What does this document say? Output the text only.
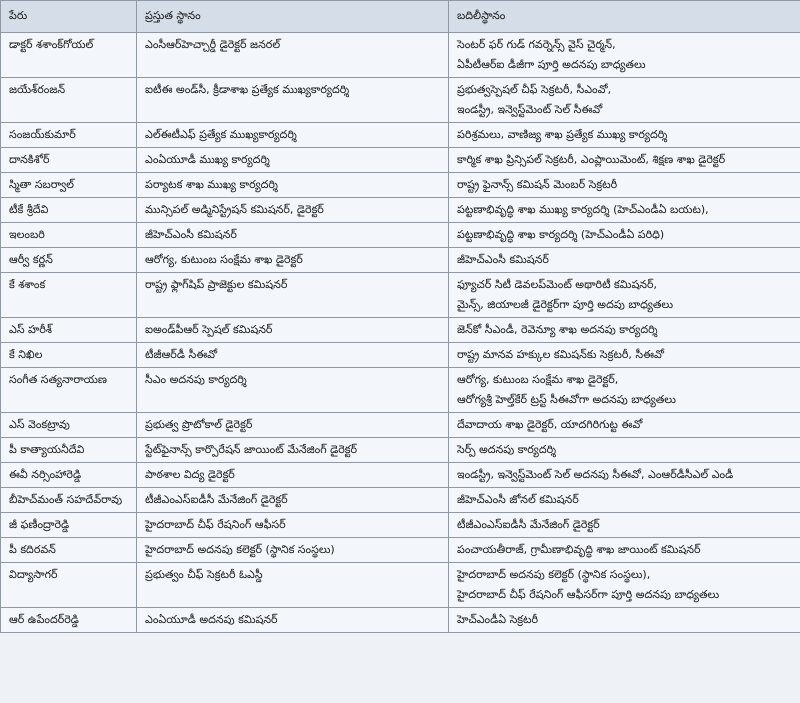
పేరు	ప్రస్తుత స్థానం	బదిలీస్థానం
డాక్టర్‌ శశాంక్‌గోయల్‌	ఎంసీఆర్‌హెచ్చార్డీ డైరెక్టర్‌ జనరల్‌	సెంటర్‌ ఫర్‌ గుడ్‌ గవర్నెన్స్‌ వైస్‌ చైర్మన్‌,
ఏపీటీఆర్‌ఐ డీజీగా పూర్తి అదనపు బాధ్యతలు

జయేశ్‌రంజన్‌	ఐటీఈ అండ్‌సీ, క్రీడాశాఖ ప్రత్యేక ముఖ్యకార్యదర్శి	ప్రభుత్వస్పెషల్‌ చీఫ్‌ సెక్రటరీ, సీఎంవో,
ఇండస్ట్రీ, ఇన్వెస్ట్‌మెంట్‌ సెల్‌ సీఈవో

సంజయ్‌కుమార్‌	ఎల్‌ఈటీఎఫ్‌ ప్రత్యేక ముఖ్యకార్యదర్శి	పరిశ్రమలు, వాణిజ్య శాఖ ప్రత్యేక ముఖ్య కార్యదర్శి

దానకిశోర్‌	ఎంఏయూడీ ముఖ్య కార్యదర్శి	కార్మిక శాఖ ప్రిన్సిపల్‌ సెక్రటరీ, ఎంప్లాయిమెంట్‌, శిక్షణ శాఖ డైరెక్టర్‌

స్మితా సబర్వాల్‌	పర్యాటక శాఖ ముఖ్య కార్యదర్శి	రాష్ట్ర ఫైనాన్స్‌ కమిషన్‌ మెంబర్‌ సెక్రటరీ

టీకే శ్రీదేవి	మున్సిపల్‌ అడ్మినిస్ట్రేషన్‌ కమిషనర్‌, డైరెక్టర్‌	పట్టణాభివృద్ధి శాఖ ముఖ్య కార్యదర్శి (హెచ్‌ఎండీఏ బయట),

ఇలంబరి	జీహెచ్‌ఎంసీ కమిషనర్‌	పట్టణాభివృద్ధి శాఖ కార్యదర్శి (హెచ్‌ఎండీఏ పరిధి)

ఆర్వీ కర్ణన్‌	ఆరోగ్య, కుటుంబ సంక్షేమ శాఖ డైరెక్టర్‌	జీహెచ్‌ఎంసీ కమిషనర్‌

కే శశాంక	రాష్ట్ర ఫ్లాగ్‌షిప్‌ ప్రాజెక్టుల కమిషనర్‌	ఫ్యూచర్‌ సిటీ డెవలప్‌మెంట్‌ అథారిటీ కమిషనర్‌,
మైన్స్‌, జియాలజీ డైరెక్టర్‌గా పూర్తి అదపు బాధ్యతలు

ఎస్‌ హరీశ్‌	ఐఅండ్‌పీఆర్‌ స్పెషల్‌ కమిషనర్‌	జెన్‌కో సీఎండీ, రెవెన్యూ శాఖ అదనపు కార్యదర్శి

కే నిఖిల	టీజీఆర్‌డీ సీఈవో	రాష్ట్ర మానవ హక్కుల కమిషన్‌కు సెక్రటరీ, సీఈవో

సంగీత సత్యనారాయణ	సీఎం అదనపు కార్యదర్శి	ఆరోగ్య, కుటుంబ సంక్షేమ శాఖ డైరెక్టర్‌,
ఆరోగ్యశ్రీ హెల్త్‌కేర్‌ ట్రస్ట్‌ సీఈవోగా అదనపు బాధ్యతలు

ఎస్‌ వెంకట్రావు	ప్రభుత్వ ప్రొటోకాల్‌ డైరెక్టర్‌	దేవాదాయ శాఖ డైరెక్టర్‌, యాదగిరిగుట్ట ఈవో

పీ కాత్యాయనీదేవి	స్టేట్‌ఫైనాన్స్‌ కార్పొరేషన్‌ జాయింట్‌ మేనేజింగ్‌ డైరెక్టర్‌	సెర్ప్‌ అదనపు కార్యదర్శి

ఈవీ నర్సింహారెడ్డి	పాఠశాల విద్య డైరెక్టర్‌	ఇండస్ట్రీ, ఇన్వెస్ట్‌మెంట్‌ సెల్‌ అదనపు సీఈవో, ఎంఆర్‌డీసీఎల్‌ ఎండీ

బీహెచ్‌మంత్‌ సహదేవ్‌రావు	టీజీఎంఎస్‌ఐడీసీ మేనేజింగ్‌ డైరెక్టర్‌	జీహెచ్‌ఎంసీ జోనల్‌ కమిషనర్‌

జీ ఫణీంద్రారెడ్డి	హైదరాబాద్‌ చీఫ్‌ రేషనింగ్‌ ఆఫీసర్‌	టీజీఎంఎస్‌ఐడీసీ మేనేజింగ్‌ డైరెక్టర్‌

పీ కదిరవన్‌	హైదరాబాద్‌ అదనపు కలెక్టర్‌ (స్థానిక సంస్థలు)	పంచాయతీరాజ్‌, గ్రామీణాభివృద్ధి శాఖ జాయింట్‌ కమిషనర్‌

విద్యాసాగర్‌	ప్రభుత్వం చీఫ్‌ సెక్రటరీ ఓఎస్డీ	హైదరాబాద్‌ అదనపు కలెక్టర్‌ (స్థానిక సంస్థలు),
హైదరాబాద్‌ చీఫ్‌ రేషనింగ్‌ ఆఫీసర్‌గా పూర్తి అదనపు బాధ్యతలు

ఆర్‌ ఉపేందర్‌రెడ్డి	ఎంఏయూడీ అదనపు కమిషనర్‌	హెచ్‌ఎండీఏ సెక్రటరీ
